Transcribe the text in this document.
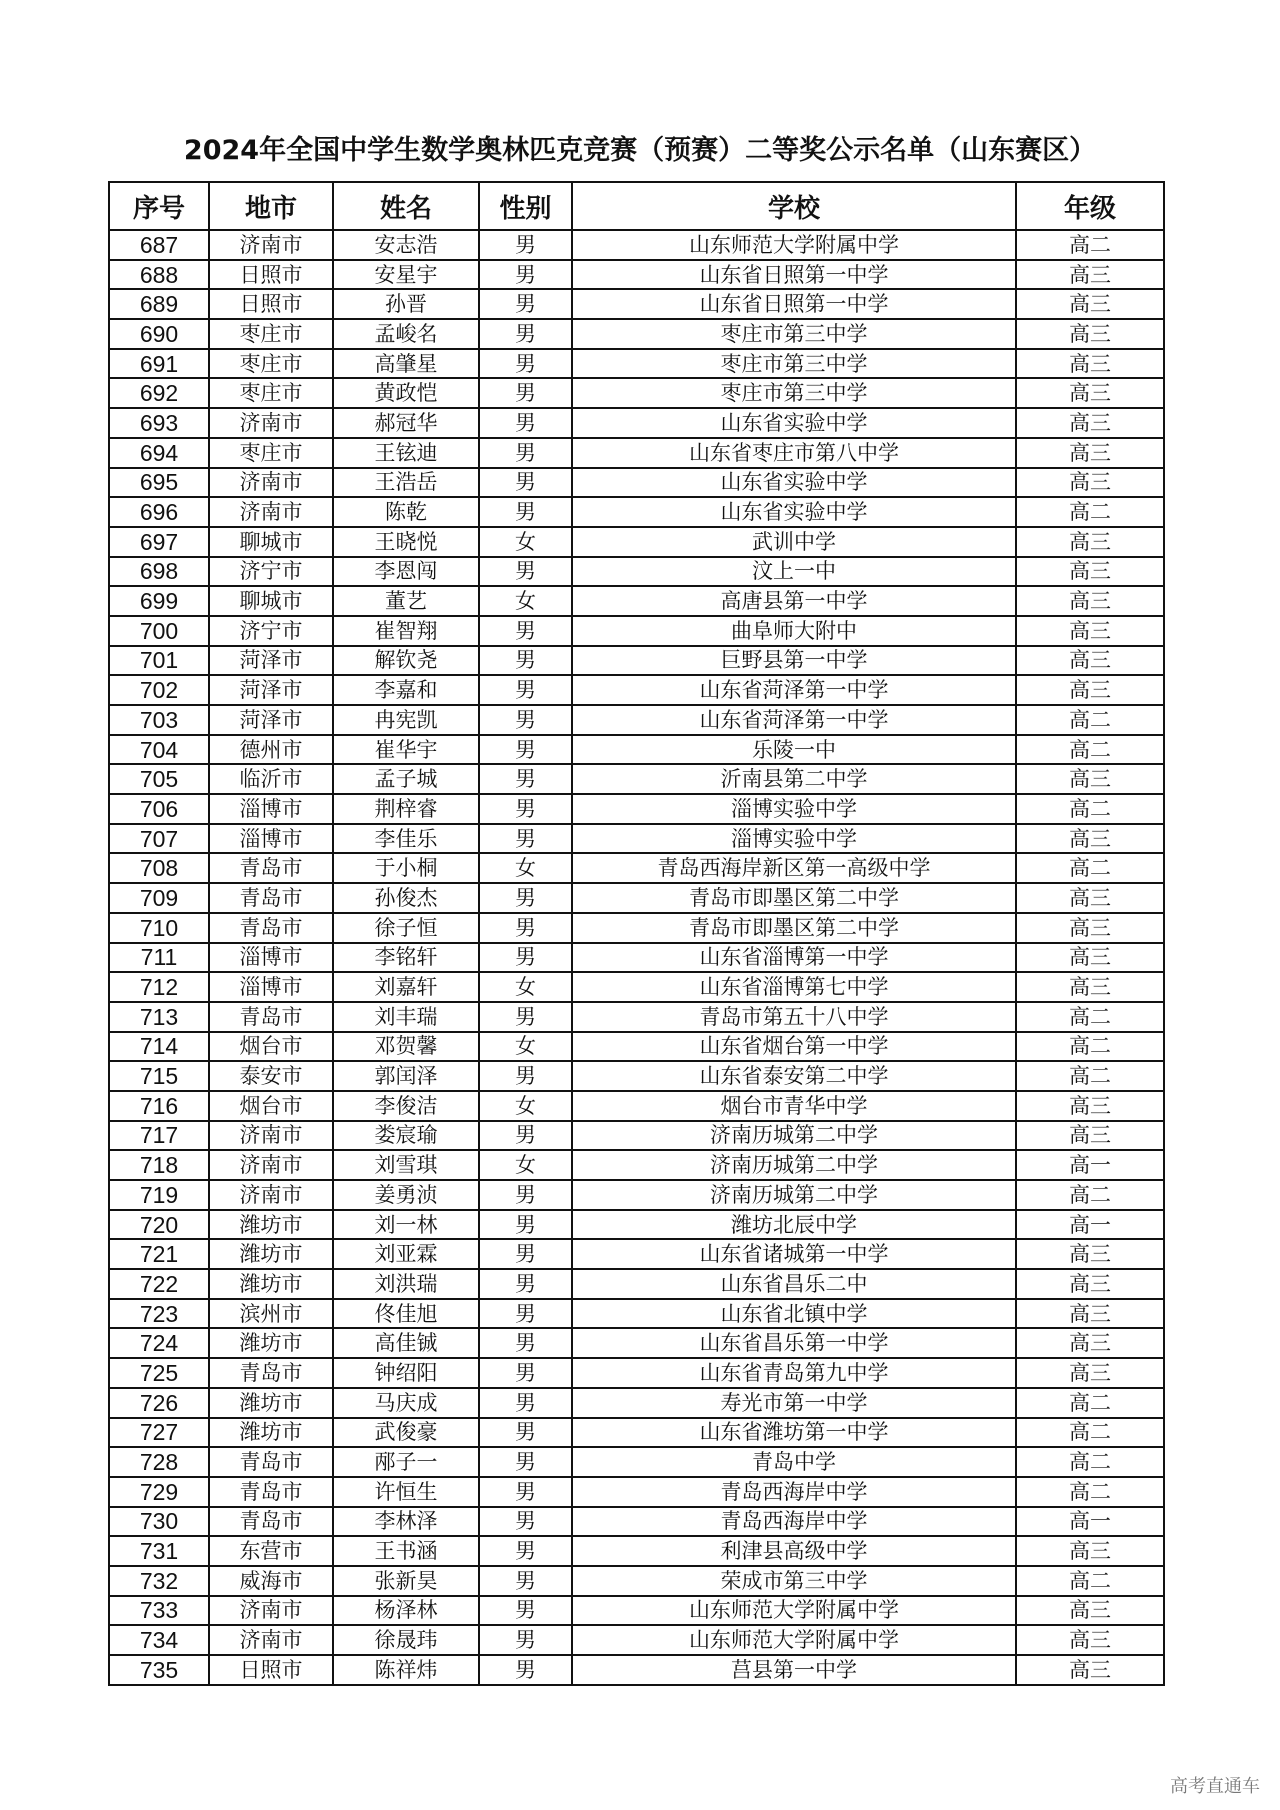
2024年全国中学生数学奥林匹克竞赛（预赛）二等奖公示名单（山东赛区）
序号	地市	姓名	性别	学校	年级
687	济南市	安志浩	男	山东师范大学附属中学	高二
688	日照市	安星宇	男	山东省日照第一中学	高三
689	日照市	孙晋	男	山东省日照第一中学	高三
690	枣庄市	孟峻名	男	枣庄市第三中学	高三
691	枣庄市	高肇星	男	枣庄市第三中学	高三
692	枣庄市	黄政恺	男	枣庄市第三中学	高三
693	济南市	郝冠华	男	山东省实验中学	高三
694	枣庄市	王铉迪	男	山东省枣庄市第八中学	高三
695	济南市	王浩岳	男	山东省实验中学	高三
696	济南市	陈乾	男	山东省实验中学	高二
697	聊城市	王晓悦	女	武训中学	高三
698	济宁市	李恩闯	男	汶上一中	高三
699	聊城市	董艺	女	高唐县第一中学	高三
700	济宁市	崔智翔	男	曲阜师大附中	高三
701	菏泽市	解钦尧	男	巨野县第一中学	高三
702	菏泽市	李嘉和	男	山东省菏泽第一中学	高三
703	菏泽市	冉宪凯	男	山东省菏泽第一中学	高二
704	德州市	崔华宇	男	乐陵一中	高二
705	临沂市	孟子城	男	沂南县第二中学	高三
706	淄博市	荆梓睿	男	淄博实验中学	高二
707	淄博市	李佳乐	男	淄博实验中学	高三
708	青岛市	于小桐	女	青岛西海岸新区第一高级中学	高二
709	青岛市	孙俊杰	男	青岛市即墨区第二中学	高三
710	青岛市	徐子恒	男	青岛市即墨区第二中学	高三
711	淄博市	李铭轩	男	山东省淄博第一中学	高三
712	淄博市	刘嘉轩	女	山东省淄博第七中学	高三
713	青岛市	刘丰瑞	男	青岛市第五十八中学	高二
714	烟台市	邓贺馨	女	山东省烟台第一中学	高二
715	泰安市	郭闰泽	男	山东省泰安第二中学	高二
716	烟台市	李俊洁	女	烟台市青华中学	高三
717	济南市	娄宸瑜	男	济南历城第二中学	高三
718	济南市	刘雪琪	女	济南历城第二中学	高一
719	济南市	姜勇浈	男	济南历城第二中学	高二
720	潍坊市	刘一林	男	潍坊北辰中学	高一
721	潍坊市	刘亚霖	男	山东省诸城第一中学	高三
722	潍坊市	刘洪瑞	男	山东省昌乐二中	高三
723	滨州市	佟佳旭	男	山东省北镇中学	高三
724	潍坊市	高佳铖	男	山东省昌乐第一中学	高三
725	青岛市	钟绍阳	男	山东省青岛第九中学	高三
726	潍坊市	马庆成	男	寿光市第一中学	高二
727	潍坊市	武俊豪	男	山东省潍坊第一中学	高二
728	青岛市	邴子一	男	青岛中学	高二
729	青岛市	许恒生	男	青岛西海岸中学	高二
730	青岛市	李林泽	男	青岛西海岸中学	高一
731	东营市	王书涵	男	利津县高级中学	高三
732	威海市	张新昊	男	荣成市第三中学	高二
733	济南市	杨泽林	男	山东师范大学附属中学	高三
734	济南市	徐晟玮	男	山东师范大学附属中学	高三
735	日照市	陈祥炜	男	莒县第一中学	高三
高考直通车
